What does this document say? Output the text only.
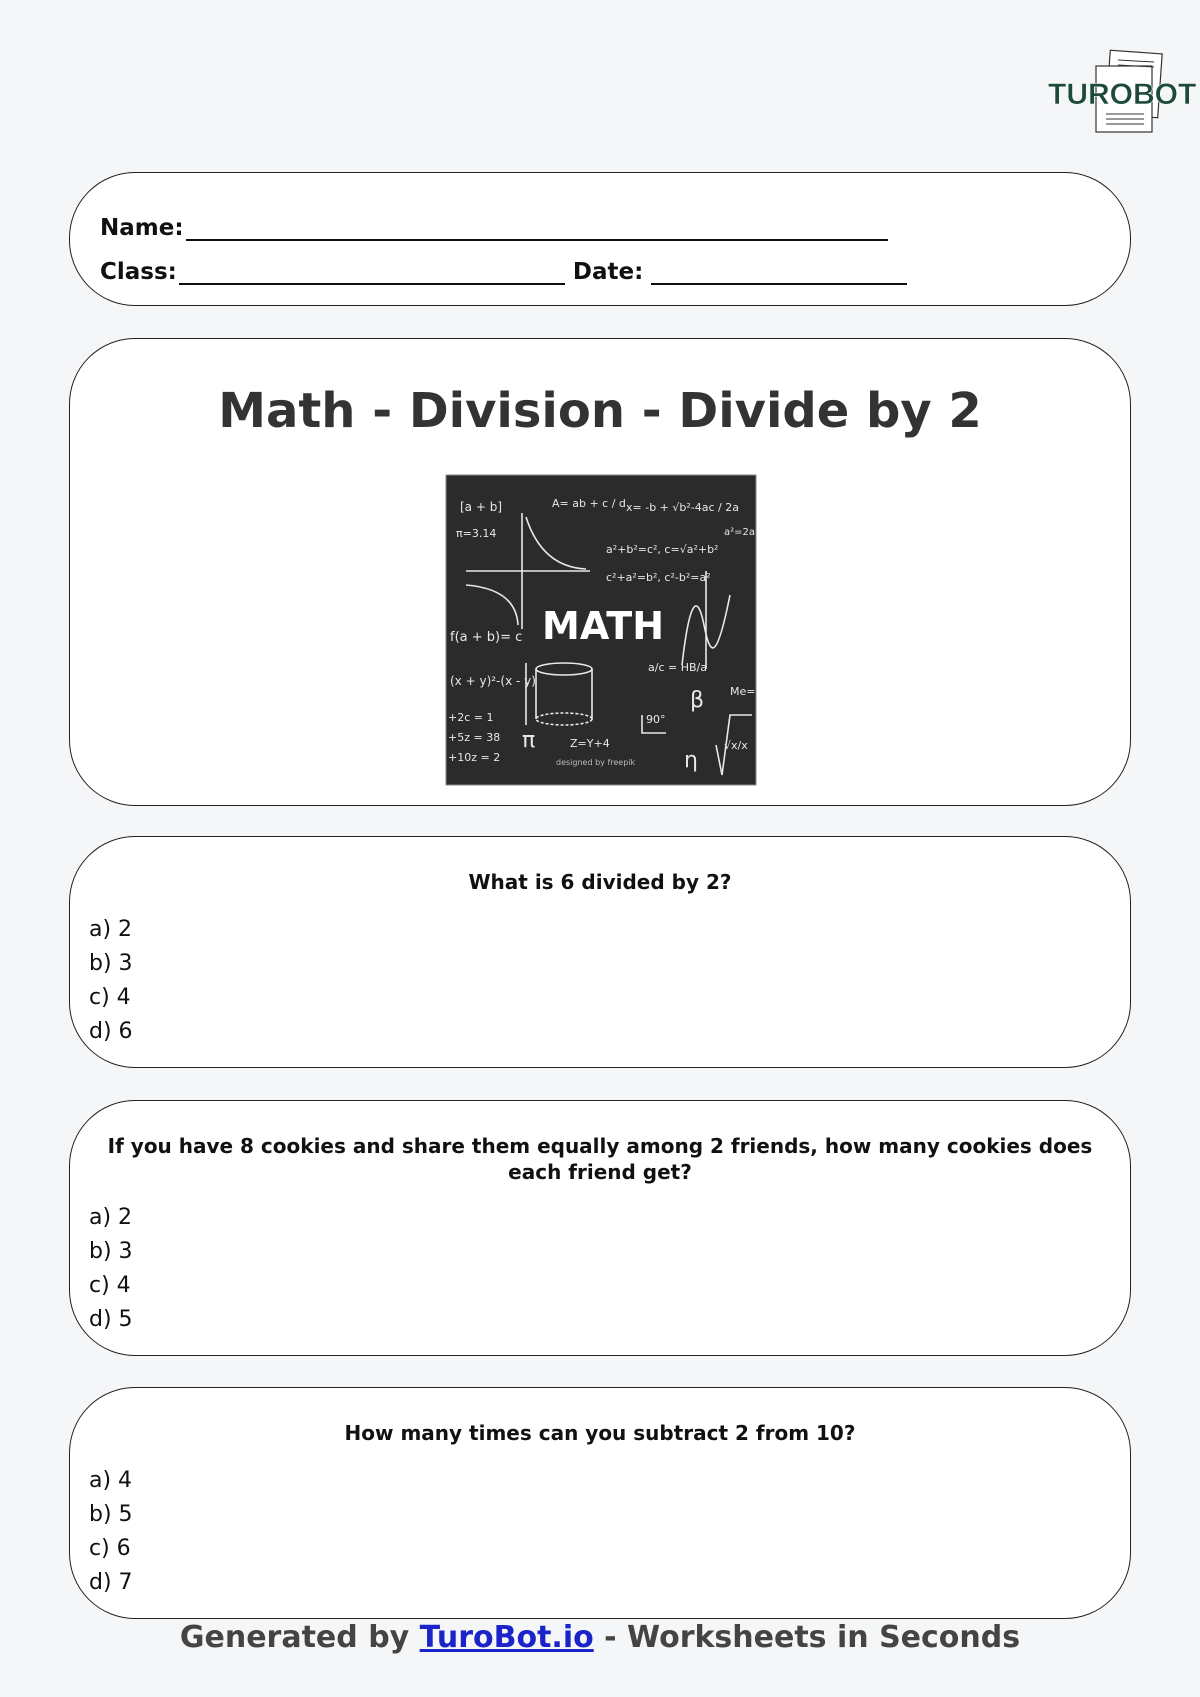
TUROBOT
Name:
Class:	Date:
Math - Division - Divide by 2
[a + b]	A= ab + c / d x= -b + √b²-4ac / 2a
π=3.14
a²+b²=c², c=√a²+b²
c²+a²=b², c²-b²=a²
a²=2a
f(a + b)= c
(x + y)²-(x - y)
a/c = HB/a
β Me=
+2c = 1
+5z = 38
+10z = 2
π	Z=Y+4
90°
η
√x/x
MATH
designed by freepik
What is 6 divided by 2?
a) 2
b) 3
c) 4
d) 6
If you have 8 cookies and share them equally among 2 friends, how many cookies does each friend get?
a) 2
b) 3
c) 4
d) 5
How many times can you subtract 2 from 10?
a) 4
b) 5
c) 6
d) 7
Generated by TuroBot.io - Worksheets in Seconds
